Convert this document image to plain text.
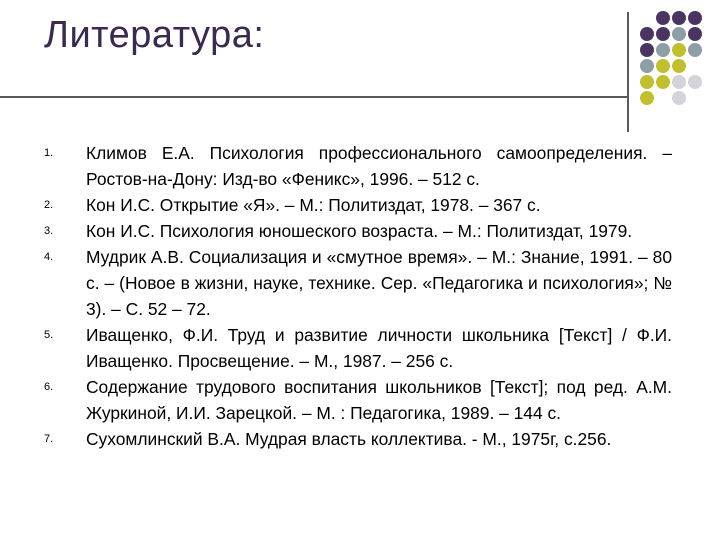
Литература:
1. Климов Е.А. Психология профессионального самоопределения. – Ростов-на-Дону: Изд-во «Феникс», 1996. – 512 с.
2. Кон И.С. Открытие «Я». – М.: Политиздат, 1978. – 367 с.
3. Кон И.С. Психология юношеского возраста. – М.: Политиздат, 1979.
4. Мудрик А.В. Социализация и «смутное время». – М.: Знание, 1991. – 80 с. – (Новое в жизни, науке, технике. Сер. «Педагогика и психология»; № 3). – С. 52 – 72.
5. Иващенко, Ф.И. Труд и развитие личности школьника [Текст] / Ф.И. Иващенко. Просвещение. – М., 1987. – 256 с.
6. Содержание трудового воспитания школьников [Текст]; под ред. А.М. Журкиной, И.И. Зарецкой. – М. : Педагогика, 1989. – 144 с.
7. Сухомлинский В.А. Мудрая власть коллектива. - М., 1975г, с.256.
